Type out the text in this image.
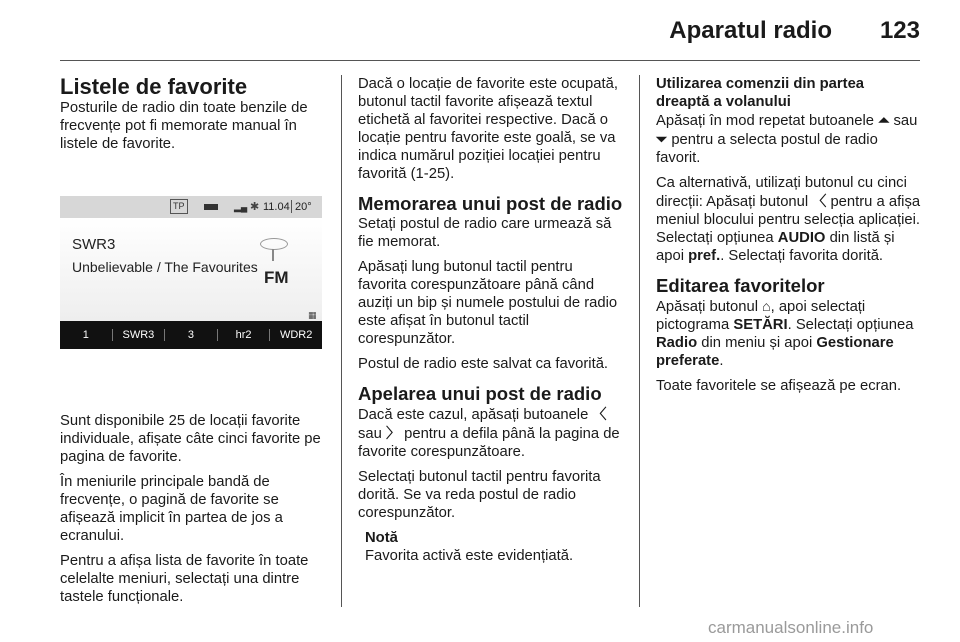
Aparatul radio 123
Listele de favorite

Posturile de radio din toate benzile de frecvențe pot fi memorate manual în listele de favorite.

Sunt disponibile 25 de locații favorite individuale, afișate câte cinci favorite pe pagina de favorite.

În meniurile principale bandă de frecvențe, o pagină de favorite se afișează implicit în partea de jos a ecranului.

Pentru a afișa lista de favorite în toate celelalte meniuri, selectați una dintre tastele funcționale.

TP	▂▄ ✱ 11.04 20°
SWR3
Unbelievable / The Favourites
FM
▦
1	SWR3	3	hr2	WDR2

Dacă o locație de favorite este ocupată, butonul tactil favorite afișează textul etichetă al favoritei respective. Dacă o locație pentru favorite este goală, se va indica numărul poziției locației pentru favorită (1-25).

Memorarea unui post de radio

Setați postul de radio care urmează să fie memorat.

Apăsați lung butonul tactil pentru favorita corespunzătoare până când auziți un bip și numele postului de radio este afișat în butonul tactil corespunzător.

Postul de radio este salvat ca favorită.

Apelarea unui post de radio

Dacă este cazul, apăsați butoanele 〈 sau 〉 pentru a defila până la pagina de favorite corespunzătoare.

Selectați butonul tactil pentru favorita dorită. Se va reda postul de radio corespunzător.

Notă
Favorita activă este evidențiată.

Utilizarea comenzii din partea dreaptă a volanului

Apăsați în mod repetat butoanele ⏶ sau ⏷ pentru a selecta postul de radio favorit.

Ca alternativă, utilizați butonul cu cinci direcții: Apăsați butonul 〈 pentru a afișa meniul blocului pentru selecția aplicației. Selectați opțiunea AUDIO din listă și apoi pref.. Selectați favorita dorită.

Editarea favoritelor

Apăsați butonul ⌂, apoi selectați pictograma SETĂRI. Selectați opțiunea Radio din meniu și apoi Gestionare preferate.

Toate favoritele se afișează pe ecran.

carmanualsonline.info
